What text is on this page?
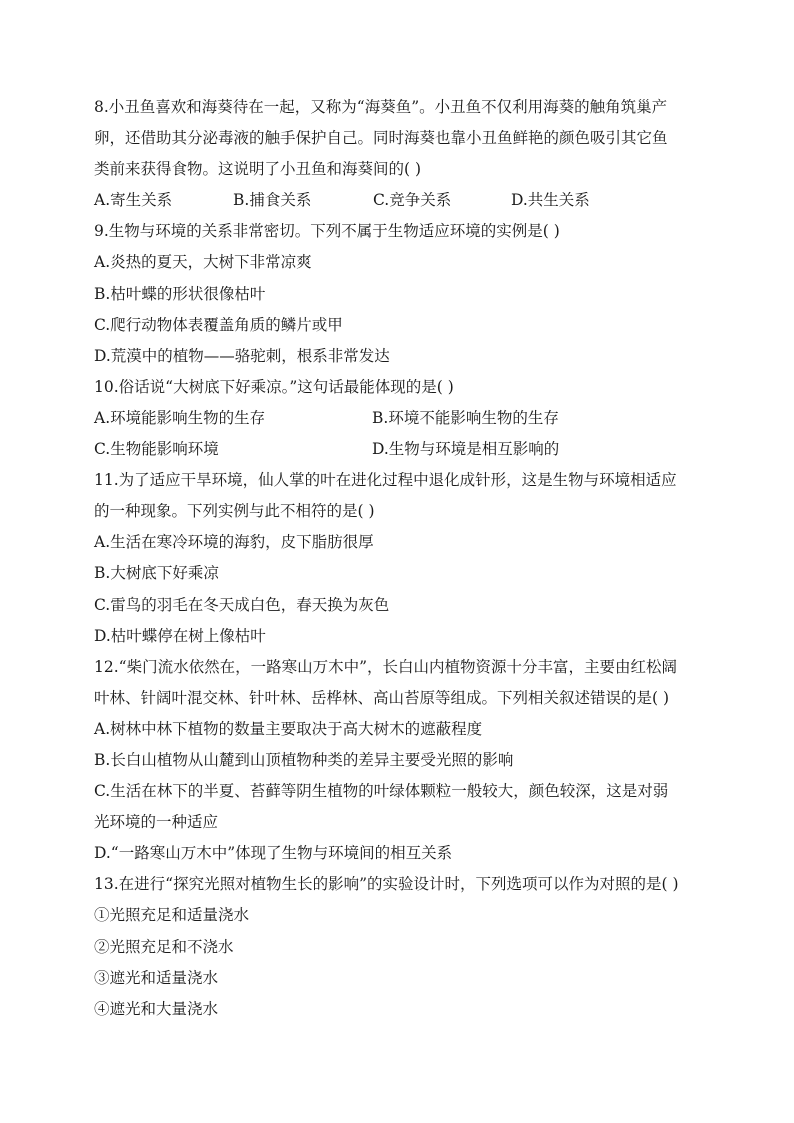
8.小丑鱼喜欢和海葵待在一起，又称为“海葵鱼”。小丑鱼不仅利用海葵的触角筑巢产
卵，还借助其分泌毒液的触手保护自己。同时海葵也靠小丑鱼鲜艳的颜色吸引其它鱼
类前来获得食物。这说明了小丑鱼和海葵间的( )
A.寄生关系	B.捕食关系	C.竞争关系	D.共生关系
9.生物与环境的关系非常密切。下列不属于生物适应环境的实例是( )
A.炎热的夏天，大树下非常凉爽
B.枯叶蝶的形状很像枯叶
C.爬行动物体表覆盖角质的鳞片或甲
D.荒漠中的植物——骆驼刺，根系非常发达
10.俗话说“大树底下好乘凉。”这句话最能体现的是( )
A.环境能影响生物的生存	B.环境不能影响生物的生存
C.生物能影响环境	D.生物与环境是相互影响的
11.为了适应干旱环境，仙人掌的叶在进化过程中退化成针形，这是生物与环境相适应
的一种现象。下列实例与此不相符的是( )
A.生活在寒冷环境的海豹，皮下脂肪很厚
B.大树底下好乘凉
C.雷鸟的羽毛在冬天成白色，春天换为灰色
D.枯叶蝶停在树上像枯叶
12.“柴门流水依然在，一路寒山万木中”，长白山内植物资源十分丰富，主要由红松阔
叶林、针阔叶混交林、针叶林、岳桦林、高山苔原等组成。下列相关叙述错误的是( )
A.树林中林下植物的数量主要取决于高大树木的遮蔽程度
B.长白山植物从山麓到山顶植物种类的差异主要受光照的影响
C.生活在林下的半夏、苔藓等阴生植物的叶绿体颗粒一般较大，颜色较深，这是对弱
光环境的一种适应
D.“一路寒山万木中”体现了生物与环境间的相互关系
13.在进行“探究光照对植物生长的影响”的实验设计时，下列选项可以作为对照的是( )
①光照充足和适量浇水
②光照充足和不浇水
③遮光和适量浇水
④遮光和大量浇水
